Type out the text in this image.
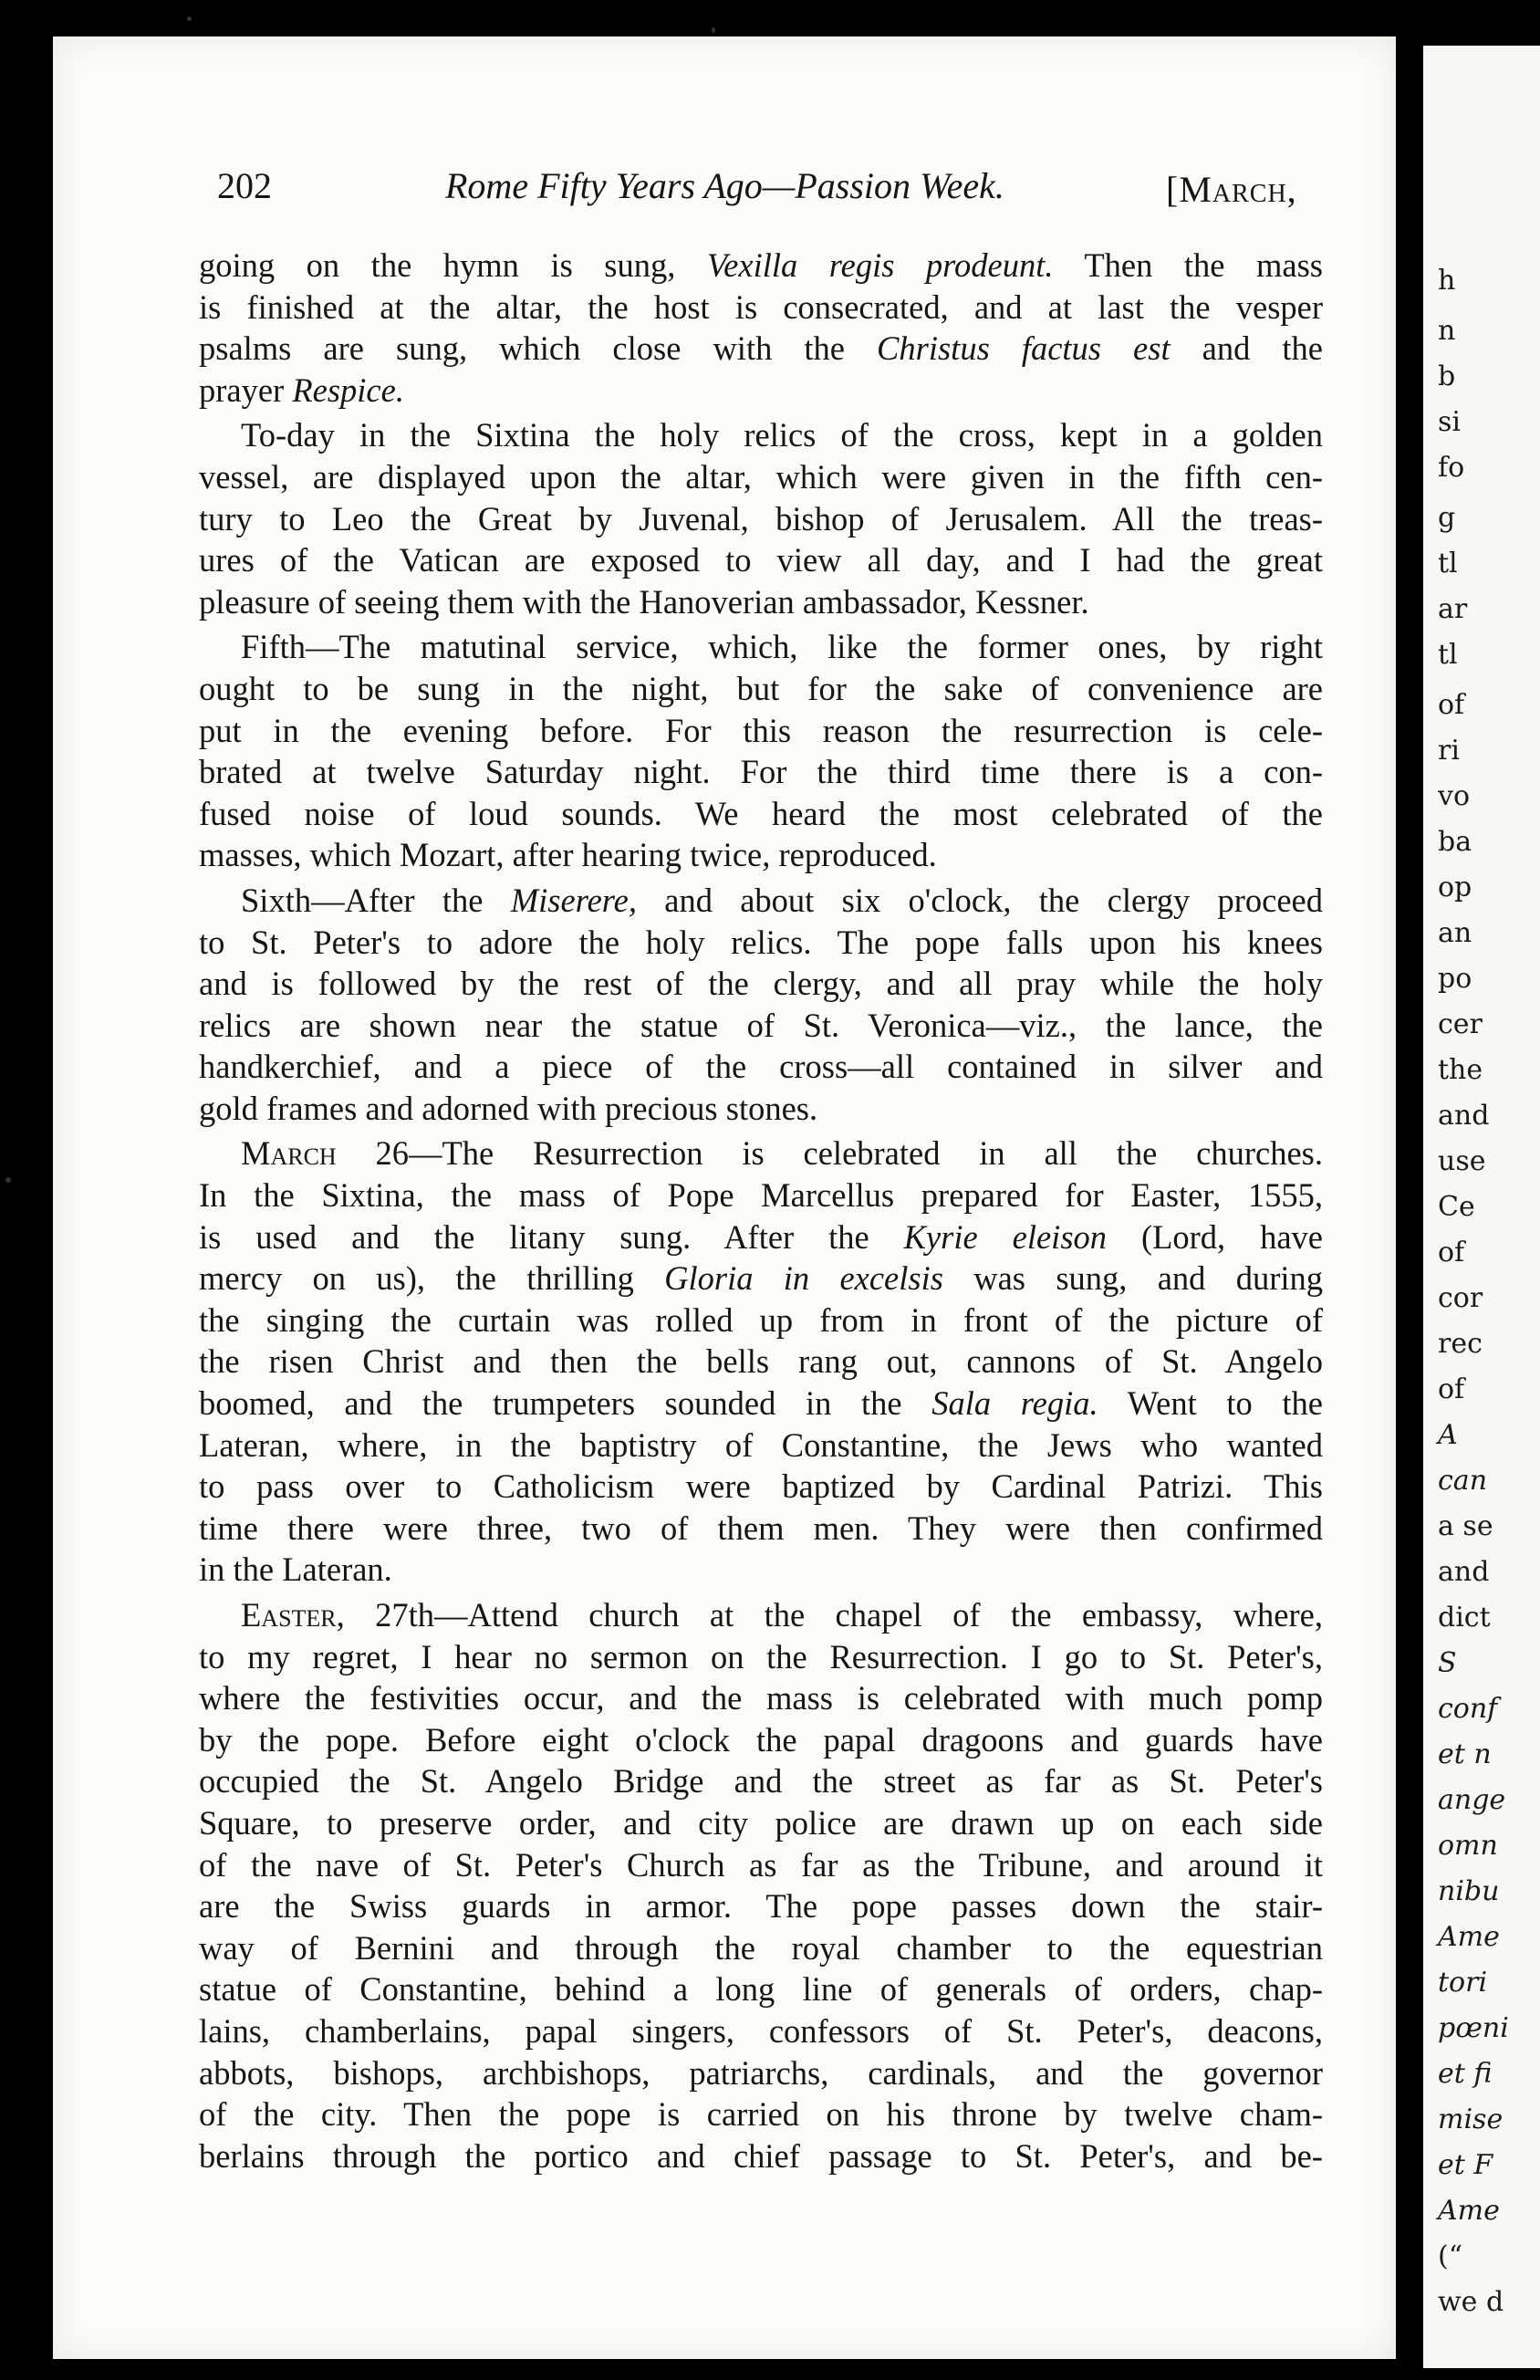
202	Rome Fifty Years Ago—Passion Week.	[March,
going on the hymn is sung, Vexilla regis prodeunt. Then the mass
is finished at the altar, the host is consecrated, and at last the vesper
psalms are sung, which close with the Christus factus est and the
prayer Respice.
To-day in the Sixtina the holy relics of the cross, kept in a golden
vessel, are displayed upon the altar, which were given in the fifth cen-
tury to Leo the Great by Juvenal, bishop of Jerusalem. All the treas-
ures of the Vatican are exposed to view all day, and I had the great
pleasure of seeing them with the Hanoverian ambassador, Kessner.
Fifth—The matutinal service, which, like the former ones, by right
ought to be sung in the night, but for the sake of convenience are
put in the evening before. For this reason the resurrection is cele-
brated at twelve Saturday night. For the third time there is a con-
fused noise of loud sounds. We heard the most celebrated of the
masses, which Mozart, after hearing twice, reproduced.
Sixth—After the Miserere, and about six o'clock, the clergy proceed
to St. Peter's to adore the holy relics. The pope falls upon his knees
and is followed by the rest of the clergy, and all pray while the holy
relics are shown near the statue of St. Veronica—viz., the lance, the
handkerchief, and a piece of the cross—all contained in silver and
gold frames and adorned with precious stones.
March 26—The Resurrection is celebrated in all the churches.
In the Sixtina, the mass of Pope Marcellus prepared for Easter, 1555,
is used and the litany sung. After the Kyrie eleison (Lord, have
mercy on us), the thrilling Gloria in excelsis was sung, and during
the singing the curtain was rolled up from in front of the picture of
the risen Christ and then the bells rang out, cannons of St. Angelo
boomed, and the trumpeters sounded in the Sala regia. Went to the
Lateran, where, in the baptistry of Constantine, the Jews who wanted
to pass over to Catholicism were baptized by Cardinal Patrizi. This
time there were three, two of them men. They were then confirmed
in the Lateran.
Easter, 27th—Attend church at the chapel of the embassy, where,
to my regret, I hear no sermon on the Resurrection. I go to St. Peter's,
where the festivities occur, and the mass is celebrated with much pomp
by the pope. Before eight o'clock the papal dragoons and guards have
occupied the St. Angelo Bridge and the street as far as St. Peter's
Square, to preserve order, and city police are drawn up on each side
of the nave of St. Peter's Church as far as the Tribune, and around it
are the Swiss guards in armor. The pope passes down the stair-
way of Bernini and through the royal chamber to the equestrian
statue of Constantine, behind a long line of generals of orders, chap-
lains, chamberlains, papal singers, confessors of St. Peter's, deacons,
abbots, bishops, archbishops, patriarchs, cardinals, and the governor
of the city. Then the pope is carried on his throne by twelve cham-
berlains through the portico and chief passage to St. Peter's, and be-
h
n
b
si
fo
g
tl
ar
tl
of
ri
vo
ba
op
an
po
cer
the
and
use
Ce
of
cor
rec
of
A
can
a se
and
dict
S
conf
et n
ange
omn
nibu
Ame
tori
pœni
et fi
mise
et F
Ame
(“
we d
